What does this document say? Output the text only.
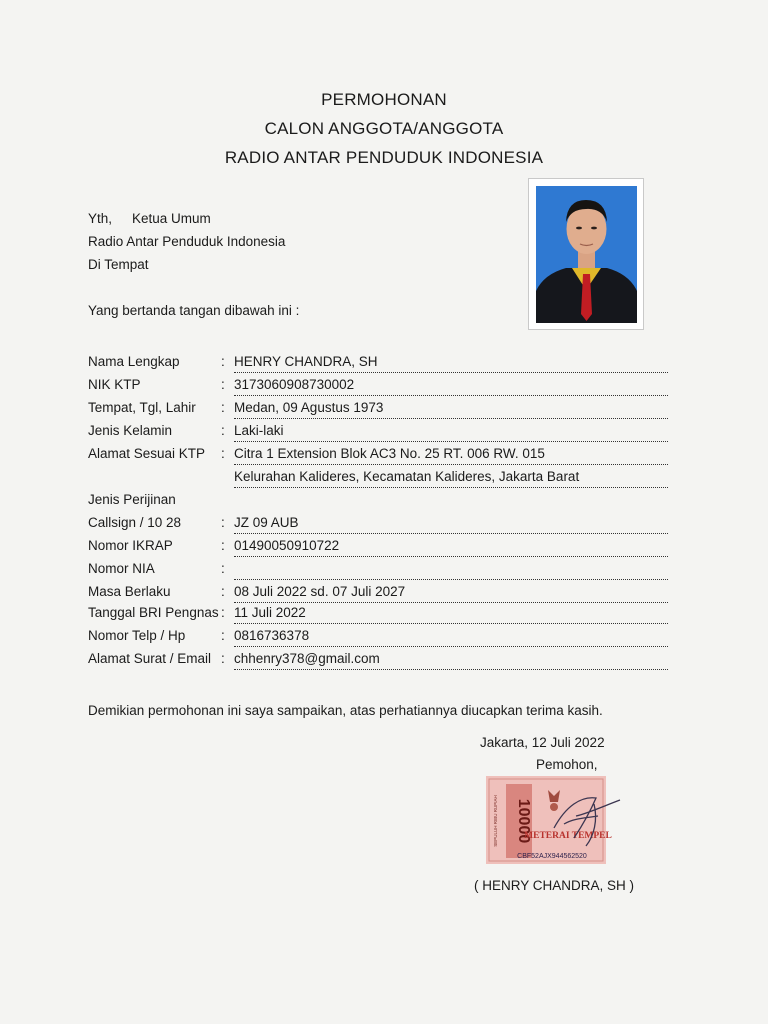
PERMOHONAN
CALON ANGGOTA/ANGGOTA
RADIO ANTAR PENDUDUK INDONESIA
Yth, Ketua Umum
Radio Antar Penduduk Indonesia
Di Tempat
Yang bertanda tangan dibawah ini :
Nama Lengkap	: HENRY CHANDRA, SH
NIK KTP	: 3173060908730002
Tempat, Tgl, Lahir : Medan, 09 Agustus 1973
Jenis Kelamin	: Laki-laki
Alamat Sesuai KTP : Citra 1 Extension Blok AC3 No. 25 RT. 006 RW. 015
Kelurahan Kalideres, Kecamatan Kalideres, Jakarta Barat
Jenis Perijinan
Callsign / 10 28	: JZ 09 AUB
Nomor IKRAP	: 01490050910722
Nomor NIA	:
Masa Berlaku	: 08 Juli 2022 sd. 07 Juli 2027
Tanggal BRI Pengnas : 11 Juli 2022
Nomor Telp / Hp	: 0816736378
Alamat Surat / Email : chhenry378@gmail.com
Demikian permohonan ini saya sampaikan, atas perhatiannya diucapkan terima kasih.
Jakarta, 12 Juli 2022
Pemohon,
10000
SEPULUH RIBU RUPIAH	METERAI TEMPEL
CBF52AJX944562520
( HENRY CHANDRA, SH )
